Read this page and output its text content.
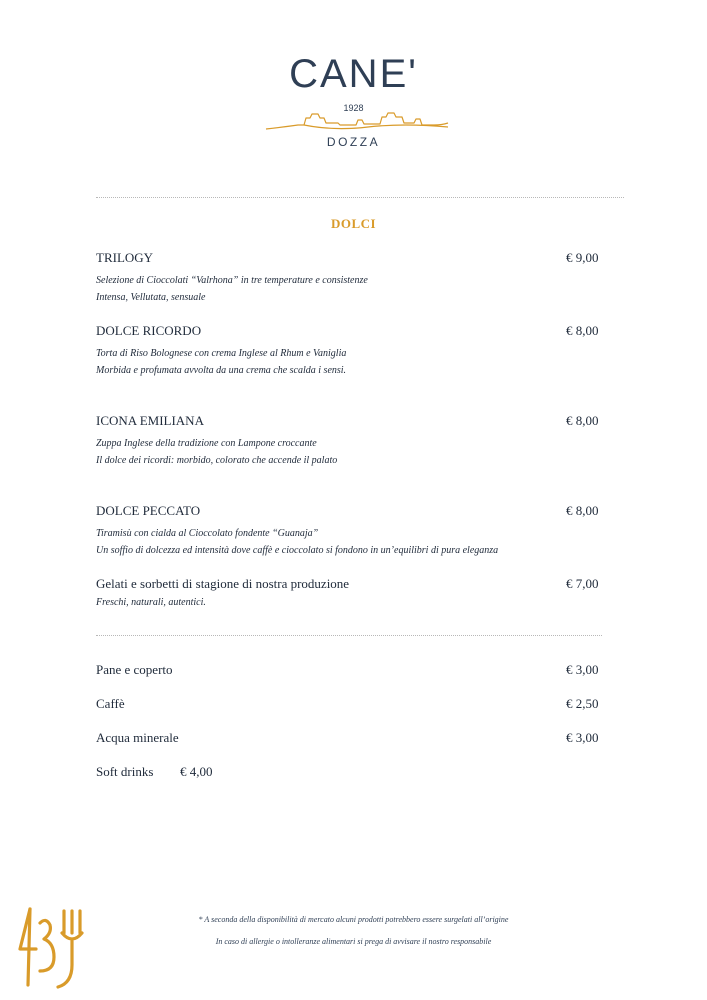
CANE'
1928
DOZZA
DOLCI
TRILOGY	€ 9,00
Selezione di Cioccolati “Valrhona” in tre temperature e consistenze
Intensa, Vellutata, sensuale
DOLCE RICORDO	€ 8,00
Torta di Riso Bolognese con crema Inglese al Rhum e Vaniglia
Morbida e profumata avvolta da una crema che scalda i sensi.
ICONA EMILIANA	€ 8,00
Zuppa Inglese della tradizione con Lampone croccante
Il dolce dei ricordi: morbido, colorato che accende il palato
DOLCE PECCATO	€ 8,00
Tiramisù con cialda al Cioccolato fondente “Guanaja”
Un soffio di dolcezza ed intensità dove caffè e cioccolato si fondono in un’equilibri di pura eleganza
Gelati e sorbetti di stagione di nostra produzione	€ 7,00
Freschi, naturali, autentici.
Pane e coperto	€ 3,00
Caffè	€ 2,50
Acqua minerale	€ 3,00
Soft drinks € 4,00
* A seconda della disponibilità di mercato alcuni prodotti potrebbero essere surgelati all’origine
In caso di allergie o intolleranze alimentari si prega di avvisare il nostro responsabile
